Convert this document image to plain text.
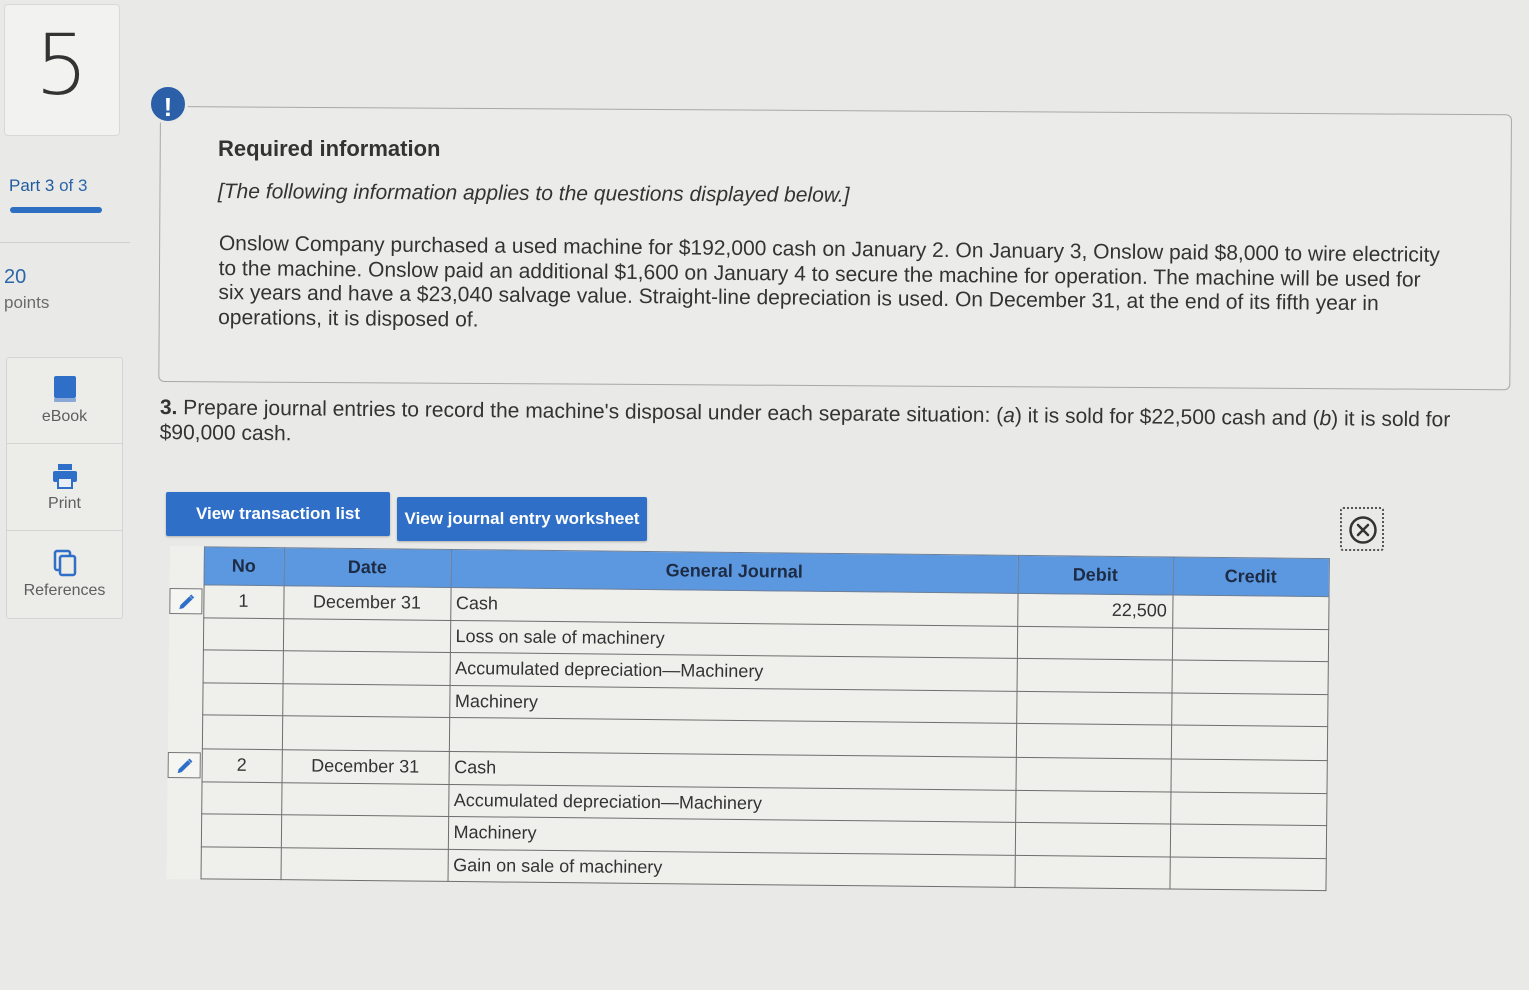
5
Part 3 of 3
20
points
eBook
Print
References
!
Required information
[The following information applies to the questions displayed below.]
Onslow Company purchased a used machine for $192,000 cash on January 2. On January 3, Onslow paid $8,000 to wire electricity to the machine. Onslow paid an additional $1,600 on January 4 to secure the machine for operation. The machine will be used for six years and have a $23,040 salvage value. Straight-line depreciation is used. On December 31, at the end of its fifth year in operations, it is disposed of.
3. Prepare journal entries to record the machine's disposal under each separate situation: (a) it is sold for $22,500 cash and (b) it is sold for $90,000 cash.
View transaction list	View journal entry worksheet
	No	Date	General Journal	Debit	Credit

	1	December 31	Cash	22,500	
			Loss on sale of machinery		
			Accumulated depreciation—Machinery		
			Machinery		

	2	December 31	Cash		
			Accumulated depreciation—Machinery		
			Machinery		
			Gain on sale of machinery		
